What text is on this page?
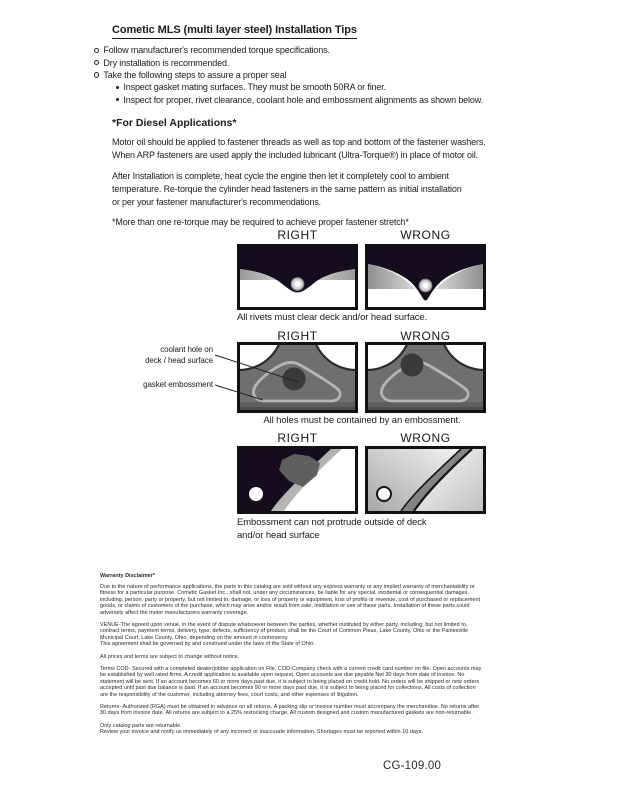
Cometic MLS (multi layer steel) Installation Tips
Follow manufacturer's recommended torque specifications.
Dry installation is recommended.
Take the following steps to assure a proper seal
Inspect gasket mating surfaces. They must be smooth 50RA or finer.
Inspect for proper, rivet clearance, coolant hole and embossment alignments as shown below.
*For Diesel Applications*
Motor oil should be applied to fastener threads as well as top and bottom of the fastener washers.
When ARP fasteners are used apply the included lubricant (Ultra-Torque®) in place of motor oil.
After Installation is complete, heat cycle the engine then let it completely cool to ambient
temperature. Re-torque the cylinder head fasteners in the same pattern as initial installation
or per your fastener manufacturer's recommendations.
*More than one re-torque may be required to achieve proper fastener stretch*
RIGHT	WRONG
All rivets must clear deck and/or head surface.
RIGHT	WRONG
coolant hole on
deck / head surface
gasket embossment
All holes must be contained by an embossment.
RIGHT	WRONG
Embossment can not protrude outside of deck
and/or head surface
Warranty Disclaimer*
Due to the nature of performance applications, the parts in this catalog are sold without any express warranty or any implied warranty of merchantability or
fitness for a particular purpose. Cometic Gasket Inc., shall not, under any circumstances, be liable for any special, incidental or consequential damages,
including, person, party or property, but not limited to, damage, or loss of property or equipment, loss of profits or revenue, cost of purchased or replacement
goods, or claims of customers of the purchase, which may arise and/or result from sale, instillation or use of these parts. Installation of these parts could
adversely affect the motor manufacturers warranty coverage.
VENUE-The agreed upon venue, in the event of dispute whatsoever between the parties, whether instituted by either party, including, but not limited to,
contract terms, payment terms, delivery, type, defects, sufficiency of product, shall be the Court of Common Pleas, Lake County, Ohio or the Painesville
Municipal Court, Lake County, Ohio, depending on the amount in controversy.
This agreement shall be governed by and construed under the laws of the State of Ohio.
All prices and terms are subject to change without notice.
Terms COD- Secured with a completed dealer/jobber application on File, COD-Company check with a current credit card number on file. Open accounts may
be established by well rated firms. A credit application is available upon request. Open accounts are due payable Net 30 days from date of invoice. No
statement will be sent. If an account becomes 60 or more days past due, it is subject to being placed on credit hold. No orders will be shipped or new orders
accepted until past due balance is paid. If an account becomes 90 or more days past due, it is subject to being placed for collections. All costs of collection
are the responsibility of the customer, including attorney fees, court costs, and other expenses of litigation.
Returns- Authorized (RGA) must be obtained in advance on all returns. A packing slip or invoice number must accompany the merchandise. No returns after
30 days from invoice date. All returns are subject to a 25% restocking charge. All custom designed and custom manufactured gaskets are non-returnable.
Only catalog parts are returnable.
Review your invoice and notify us immediately of any incorrect or inaccurate information. Shortages must be reported within 10 days.
CG-109.00
